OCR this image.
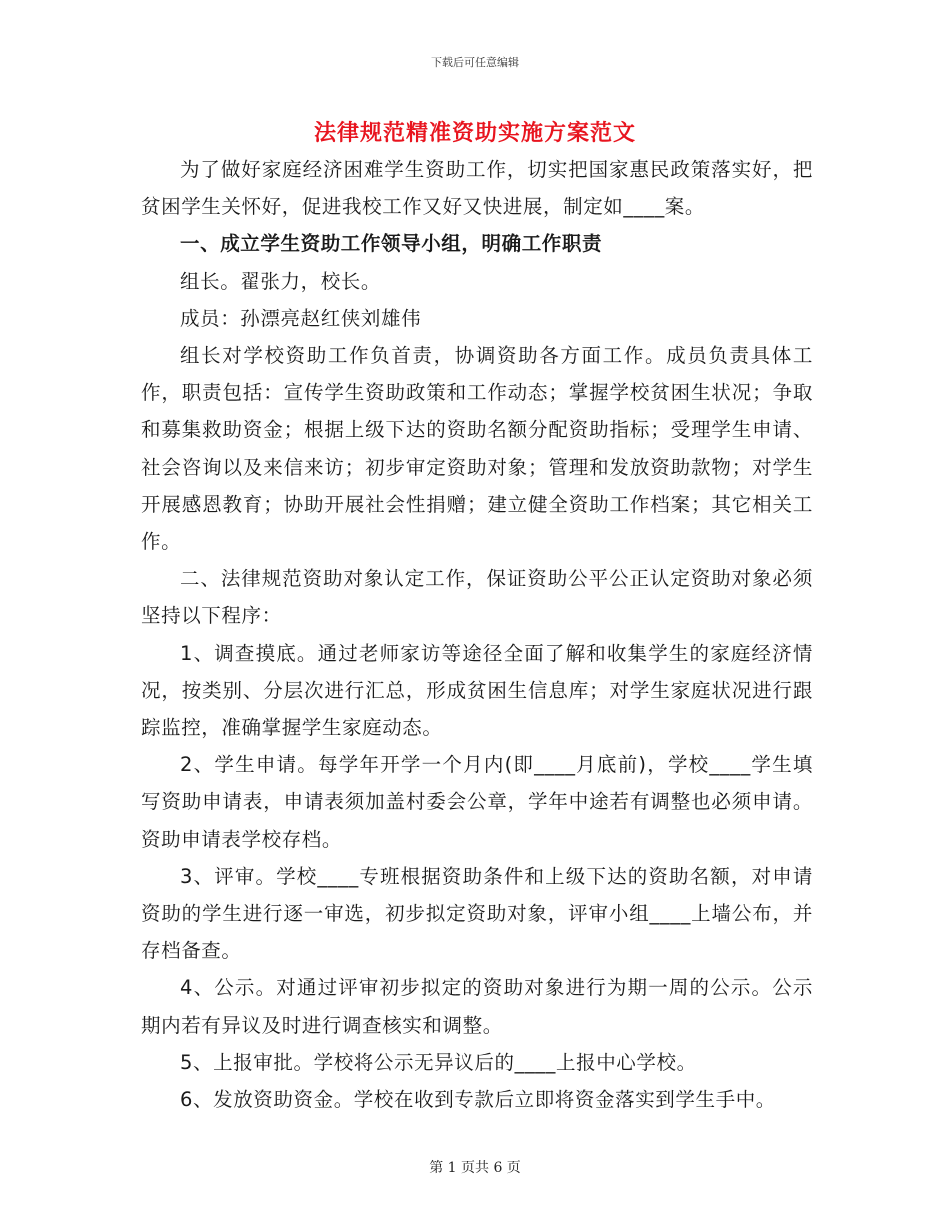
下载后可任意编辑
法律规范精准资助实施方案范文

为了做好家庭经济困难学生资助工作，切实把国家惠民政策落实好，把贫困学生关怀好，促进我校工作又好又快进展，制定如____案。

一、成立学生资助工作领导小组，明确工作职责

组长。翟张力，校长。

成员：孙漂亮赵红侠刘雄伟

组长对学校资助工作负首责，协调资助各方面工作。成员负责具体工作，职责包括：宣传学生资助政策和工作动态；掌握学校贫困生状况；争取和募集救助资金；根据上级下达的资助名额分配资助指标；受理学生申请、社会咨询以及来信来访；初步审定资助对象；管理和发放资助款物；对学生开展感恩教育；协助开展社会性捐赠；建立健全资助工作档案；其它相关工作。

二、法律规范资助对象认定工作，保证资助公平公正认定资助对象必须坚持以下程序：

1、调查摸底。通过老师家访等途径全面了解和收集学生的家庭经济情况，按类别、分层次进行汇总，形成贫困生信息库；对学生家庭状况进行跟踪监控，准确掌握学生家庭动态。

2、学生申请。每学年开学一个月内(即____月底前)，学校____学生填写资助申请表，申请表须加盖村委会公章，学年中途若有调整也必须申请。资助申请表学校存档。

3、评审。学校____专班根据资助条件和上级下达的资助名额，对申请资助的学生进行逐一审选，初步拟定资助对象，评审小组____上墙公布，并存档备查。

4、公示。对通过评审初步拟定的资助对象进行为期一周的公示。公示期内若有异议及时进行调查核实和调整。

5、上报审批。学校将公示无异议后的____上报中心学校。

6、发放资助资金。学校在收到专款后立即将资金落实到学生手中。

第 1 页共 6 页
